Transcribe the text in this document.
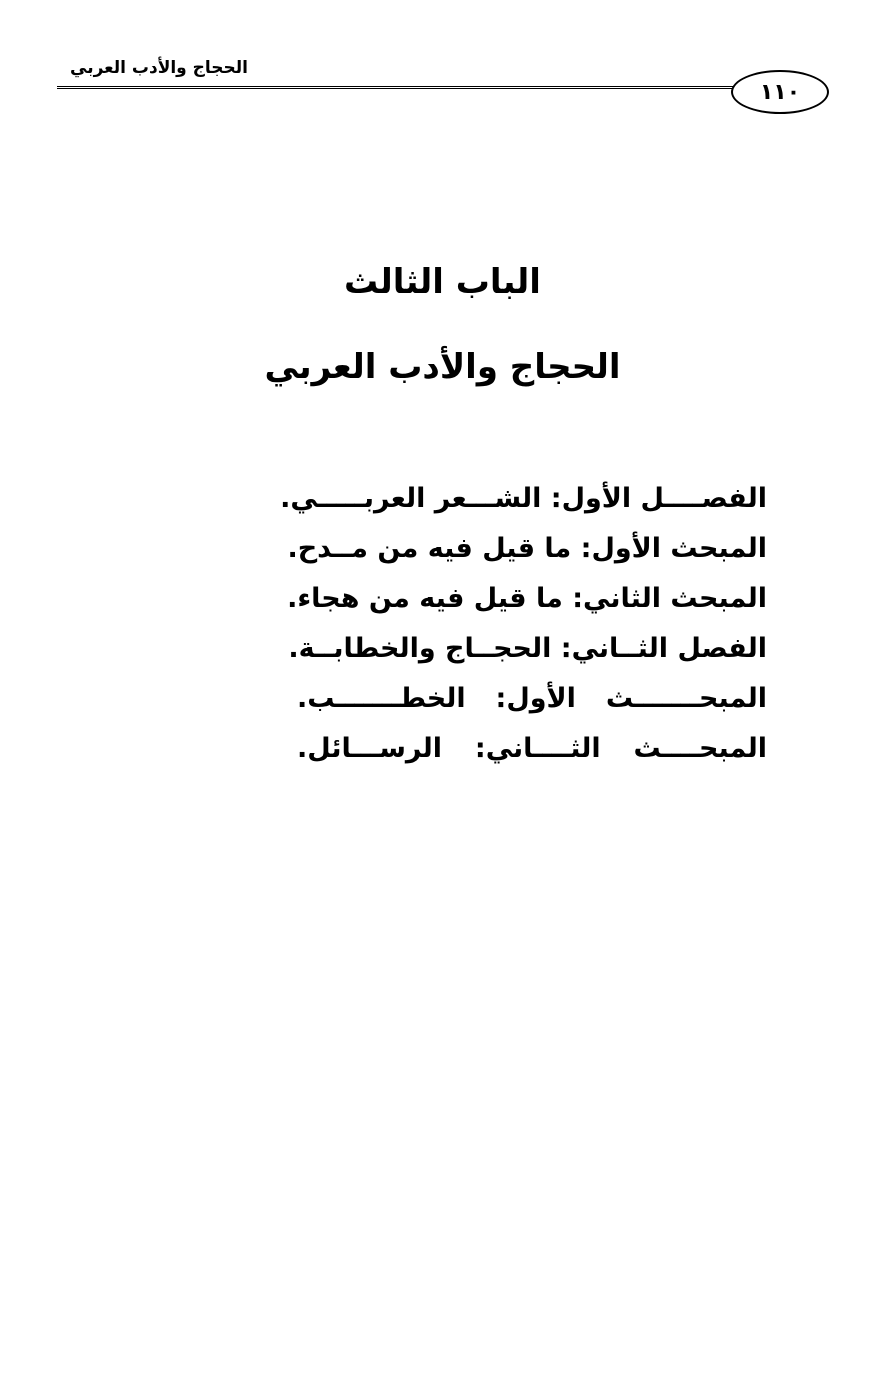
الحجاج والأدب العربي
١١٠
الباب الثالث
الحجاج والأدب العربي
الفصــــل الأول: الشـــعر العربـــــي.
المبحث الأول: ما قيل فيه من مــدح.
المبحث الثاني: ما قيل فيه من هجاء.
الفصل الثــاني: الحجــاج والخطابــة.
المبحـــــــث الأول: الخطـــــــب.
المبحــــث الثــــاني: الرســـائل.
